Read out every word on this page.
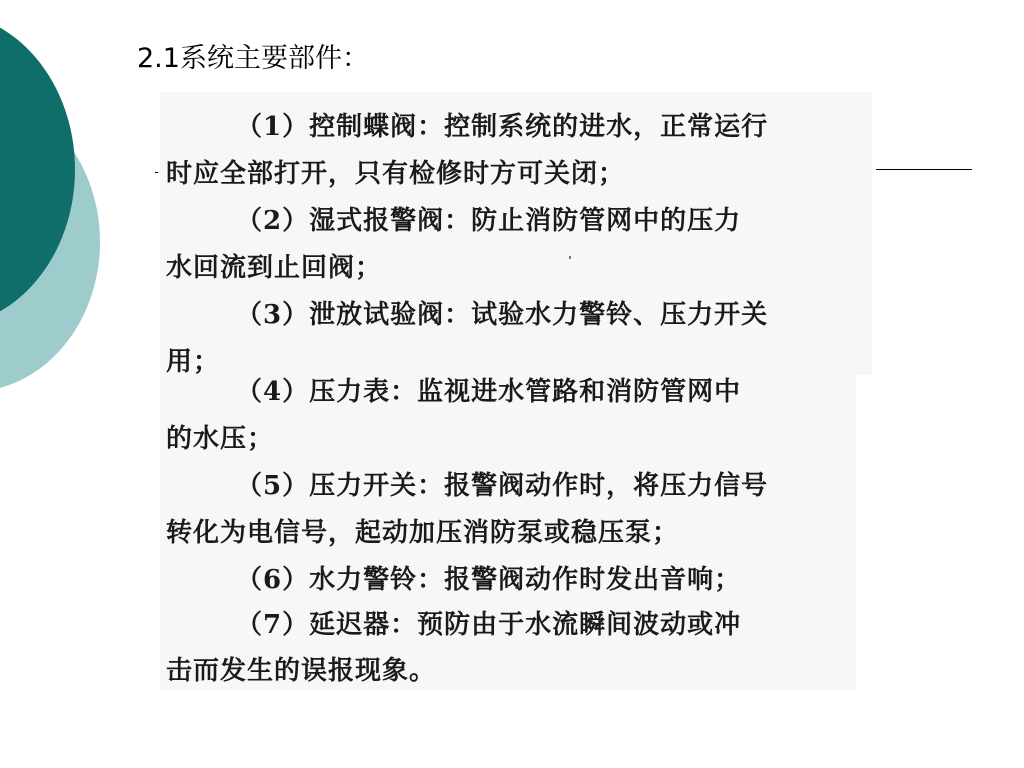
2.1系统主要部件：
（1）控制蝶阀：控制系统的进水，正常运行
时应全部打开，只有检修时方可关闭；
（2）湿式报警阀：防止消防管网中的压力
水回流到止回阀；
（3）泄放试验阀：试验水力警铃、压力开关
用；
（4）压力表：监视进水管路和消防管网中
的水压；
（5）压力开关：报警阀动作时，将压力信号
转化为电信号，起动加压消防泵或稳压泵；
（6）水力警铃：报警阀动作时发出音响；
（7）延迟器：预防由于水流瞬间波动或冲
击而发生的误报现象。
